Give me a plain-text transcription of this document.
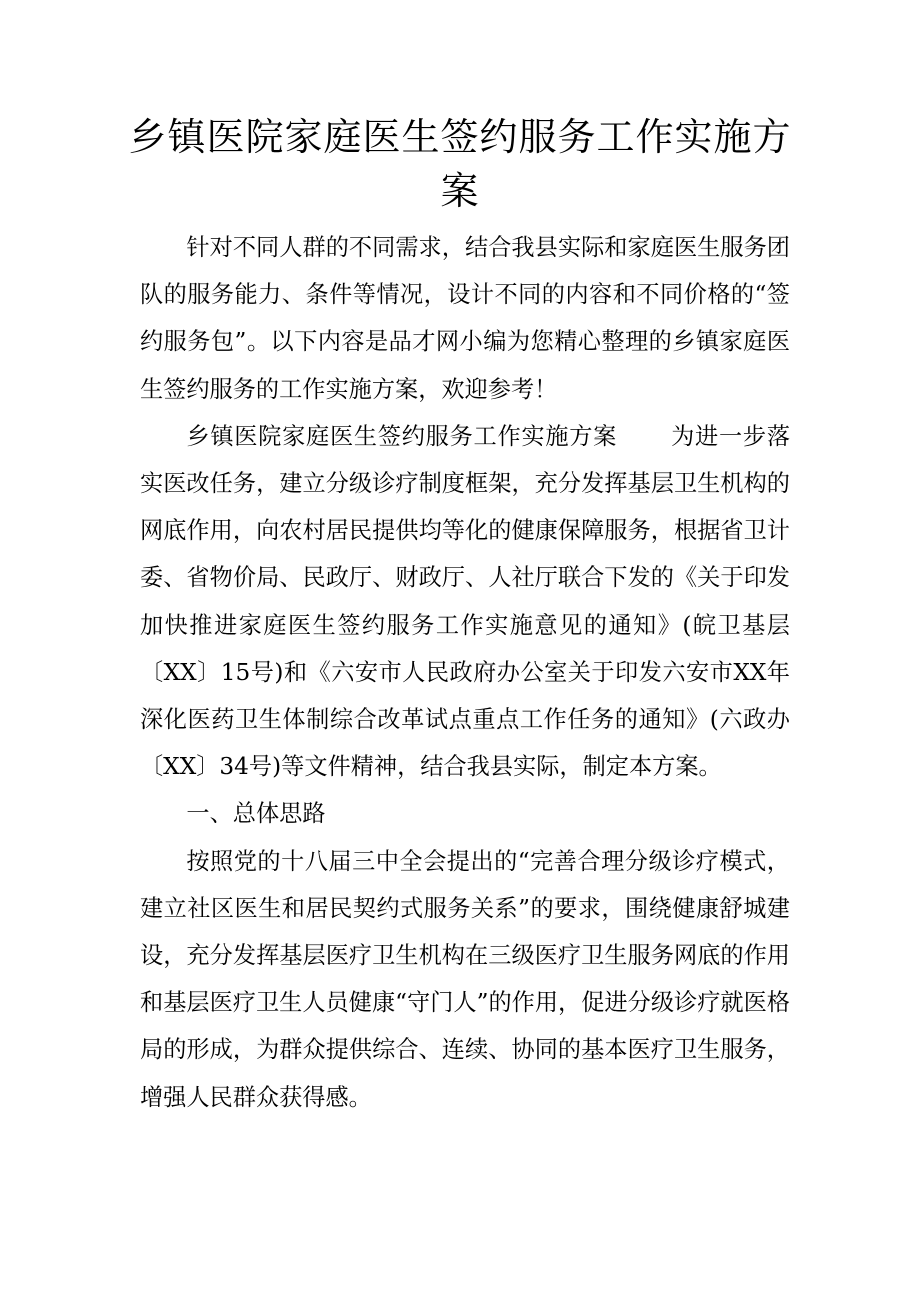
乡镇医院家庭医生签约服务工作实施方案

针对不同人群的不同需求，结合我县实际和家庭医生服务团队的服务能力、条件等情况，设计不同的内容和不同价格的“签约服务包”。以下内容是品才网小编为您精心整理的乡镇家庭医生签约服务的工作实施方案，欢迎参考！

乡镇医院家庭医生签约服务工作实施方案 为进一步落实医改任务，建立分级诊疗制度框架，充分发挥基层卫生机构的网底作用，向农村居民提供均等化的健康保障服务，根据省卫计委、省物价局、民政厅、财政厅、人社厅联合下发的《关于印发加快推进家庭医生签约服务工作实施意见的通知》(皖卫基层〔XX〕15号)和《六安市人民政府办公室关于印发六安市XX年深化医药卫生体制综合改革试点重点工作任务的通知》(六政办〔XX〕34号)等文件精神，结合我县实际，制定本方案。

一、总体思路

按照党的十八届三中全会提出的“完善合理分级诊疗模式，建立社区医生和居民契约式服务关系”的要求，围绕健康舒城建设，充分发挥基层医疗卫生机构在三级医疗卫生服务网底的作用和基层医疗卫生人员健康“守门人”的作用，促进分级诊疗就医格局的形成，为群众提供综合、连续、协同的基本医疗卫生服务，增强人民群众获得感。
